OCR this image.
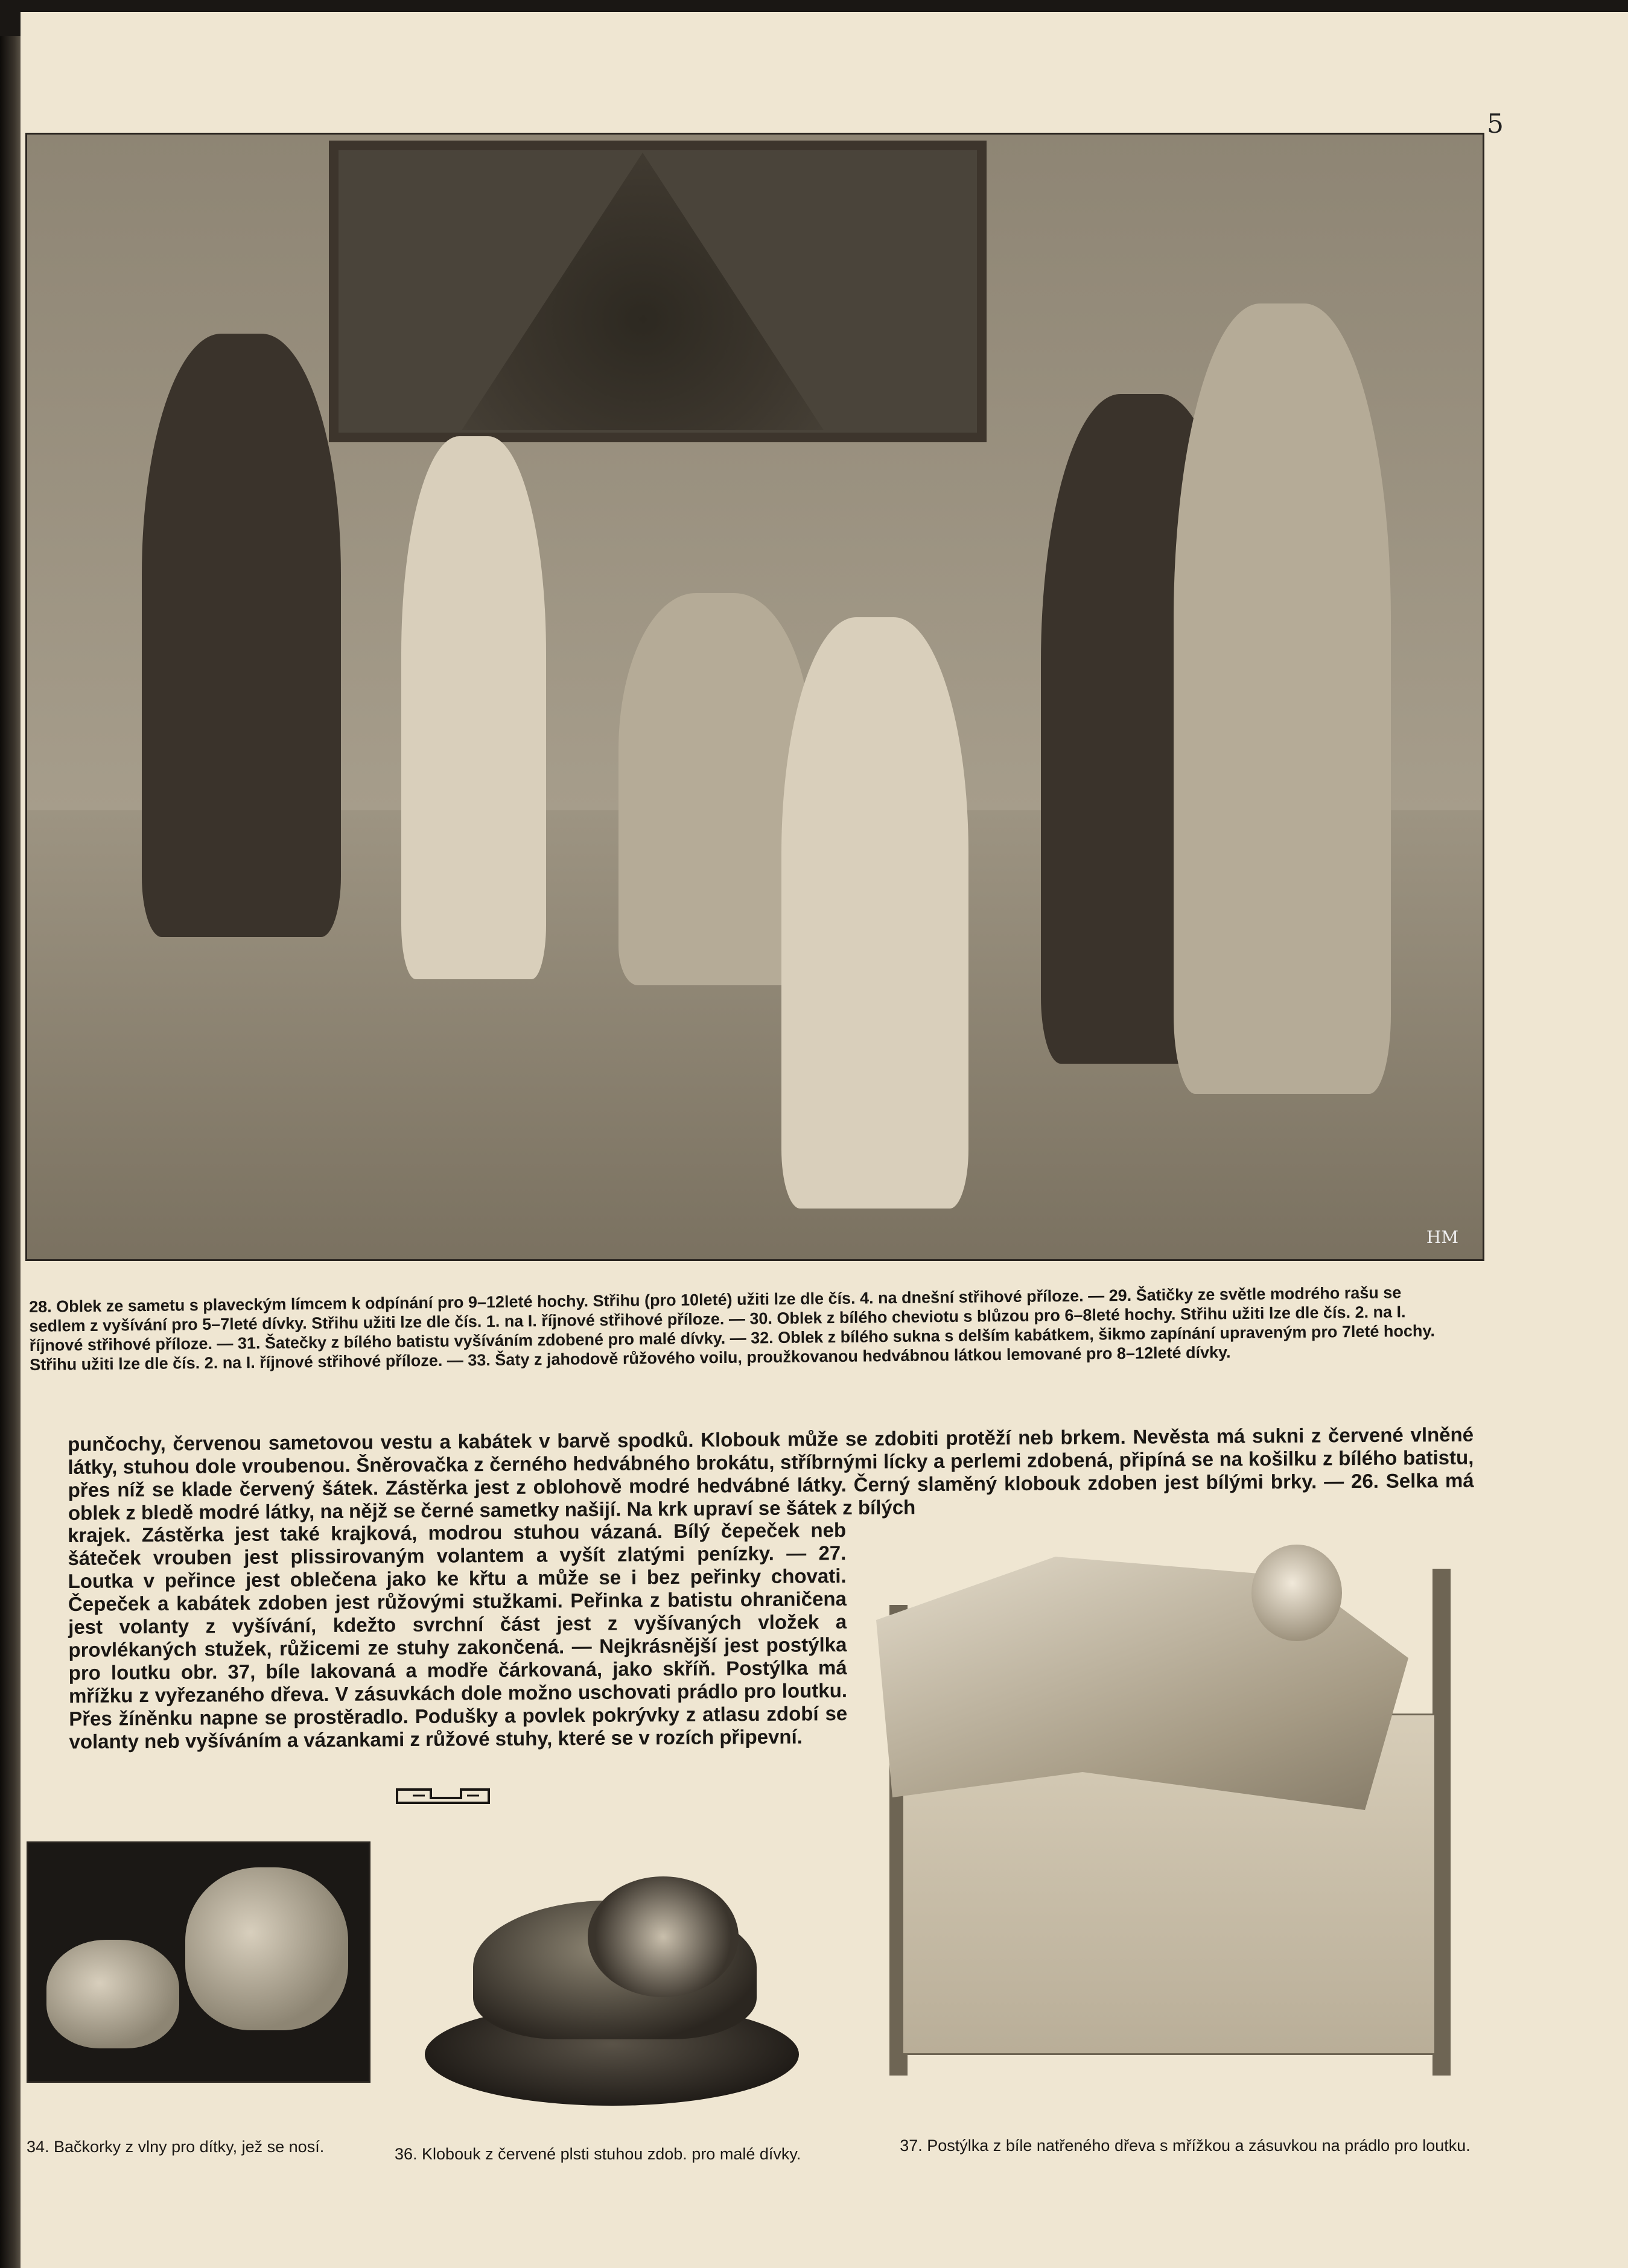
5
HM
28. Oblek ze sametu s plaveckým límcem k odpínání pro 9–12leté hochy. Střihu (pro 10leté) užiti lze dle čís. 4. na dnešní střihové příloze. — 29. Šatičky ze světle modrého rašu se sedlem z vyšívání pro 5–7leté dívky. Střihu užiti lze dle čís. 1. na I. říjnové střihové příloze. — 30. Oblek z bílého cheviotu s blůzou pro 6–8leté hochy. Střihu užiti lze dle čís. 2. na I. říjnové střihové příloze. — 31. Šatečky z bílého batistu vyšíváním zdobené pro malé dívky. — 32. Oblek z bílého sukna s delším kabátkem, šikmo zapínání upraveným pro 7leté hochy. Střihu užiti lze dle čís. 2. na I. říjnové střihové příloze. — 33. Šaty z jahodově růžového voilu, proužkovanou hedvábnou látkou lemované pro 8–12leté dívky.
punčochy, červenou sametovou vestu a kabátek v barvě spodků. Klobouk může se zdobiti protěží neb brkem. Nevěsta má sukni z červené vlněné látky, stuhou dole vroubenou. Šněrovačka z černého hedvábného brokátu, stříbrnými lícky a perlemi zdobená, připíná se na košilku z bílého batistu, přes níž se klade červený šátek. Zástěrka jest z oblohově modré hedvábné látky. Černý slaměný klobouk zdoben jest bílými brky. — 26. Selka má oblek z bledě modré látky, na nějž se černé sametky našijí. Na krk upraví se šátek z bílých
krajek. Zástěrka jest také krajková, modrou stuhou vázaná. Bílý čepeček neb šáteček vrouben jest plissirovaným volantem a vyšít zlatými penízky. — 27. Loutka v peřince jest oblečena jako ke křtu a může se i bez peřinky chovati. Čepeček a kabátek zdoben jest růžovými stužkami. Peřinka z batistu ohraničena jest volanty z vyšívání, kdežto svrchní část jest z vyšívaných vložek a provlékaných stužek, růžicemi ze stuhy zakončená. — Nejkrásnější jest postýlka pro loutku obr. 37, bíle lakovaná a modře čárkovaná, jako skříň. Postýlka má mřížku z vyřezaného dřeva. V zásuvkách dole možno uschovati prádlo pro loutku. Přes žíněnku napne se prostěradlo. Podušky a povlek pokrývky z atlasu zdobí se volanty neb vyšíváním a vázankami z růžové stuhy, které se v rozích připevní.
34. Bačkorky z vlny pro dítky, jež se nosí.	36. Klobouk z červené plsti stuhou zdob. pro malé dívky.	37. Postýlka z bíle natřeného dřeva s mřížkou a zásuvkou na prádlo pro loutku.
